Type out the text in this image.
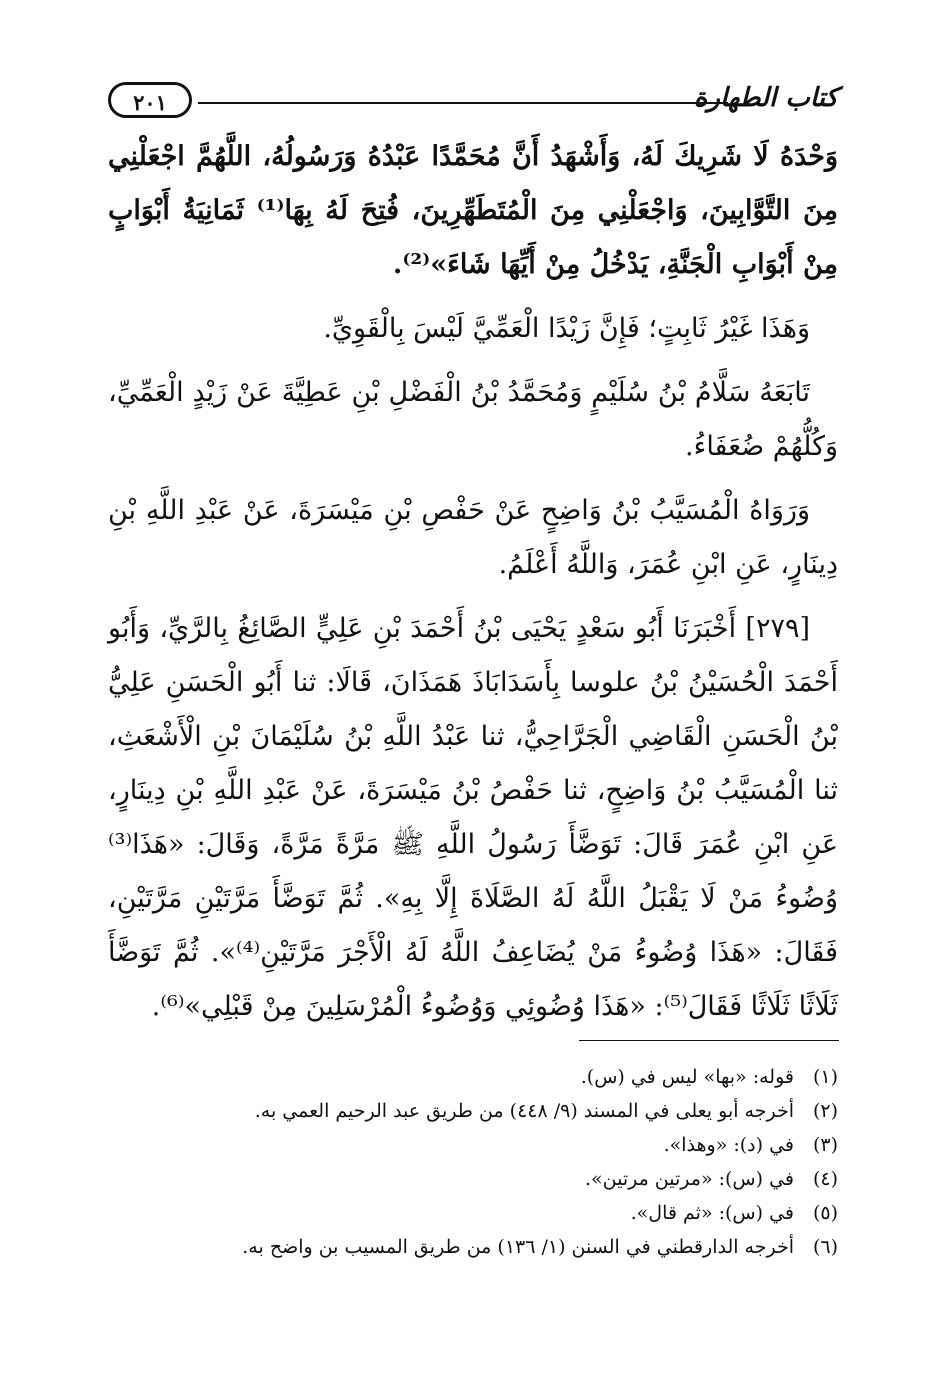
كتاب الطهارة
٢٠١

وَحْدَهُ لَا شَرِيكَ لَهُ، وَأَشْهَدُ أَنَّ مُحَمَّدًا عَبْدُهُ وَرَسُولُهُ، اللَّهُمَّ اجْعَلْنِي مِنَ التَّوَّابِينَ، وَاجْعَلْنِي مِنَ الْمُتَطَهِّرِينَ، فُتِحَ لَهُ بِهَا⁽¹⁾ ثَمَانِيَةُ أَبْوَابٍ مِنْ أَبْوَابِ الْجَنَّةِ، يَدْخُلُ مِنْ أَيِّهَا شَاءَ»⁽²⁾.

وَهَذَا غَيْرُ ثَابِتٍ؛ فَإِنَّ زَيْدًا الْعَمِّيَّ لَيْسَ بِالْقَوِيِّ.

تَابَعَهُ سَلَّامُ بْنُ سُلَيْمٍ وَمُحَمَّدُ بْنُ الْفَضْلِ بْنِ عَطِيَّةَ عَنْ زَيْدٍ الْعَمِّيِّ، وَكُلُّهُمْ ضُعَفَاءُ.

وَرَوَاهُ الْمُسَيَّبُ بْنُ وَاضِحٍ عَنْ حَفْصِ بْنِ مَيْسَرَةَ، عَنْ عَبْدِ اللَّهِ بْنِ دِينَارٍ، عَنِ ابْنِ عُمَرَ، وَاللَّهُ أَعْلَمُ.

[٢٧٩] أَخْبَرَنَا أَبُو سَعْدٍ يَحْيَى بْنُ أَحْمَدَ بْنِ عَلِيٍّ الصَّائِغُ بِالرَّيِّ، وَأَبُو أَحْمَدَ الْحُسَيْنُ بْنُ علوسا بِأَسَدَابَاذَ هَمَذَانَ، قَالَا: ثنا أَبُو الْحَسَنِ عَلِيُّ بْنُ الْحَسَنِ الْقَاضِي الْجَرَّاحِيُّ، ثنا عَبْدُ اللَّهِ بْنُ سُلَيْمَانَ بْنِ الْأَشْعَثِ، ثنا الْمُسَيَّبُ بْنُ وَاضِحٍ، ثنا حَفْصُ بْنُ مَيْسَرَةَ، عَنْ عَبْدِ اللَّهِ بْنِ دِينَارٍ، عَنِ ابْنِ عُمَرَ قَالَ: تَوَضَّأَ رَسُولُ اللَّهِ ﷺ مَرَّةً مَرَّةً، وَقَالَ: «هَذَا⁽³⁾ وُضُوءُ مَنْ لَا يَقْبَلُ اللَّهُ لَهُ الصَّلَاةَ إِلَّا بِهِ». ثُمَّ تَوَضَّأَ مَرَّتَيْنِ مَرَّتَيْنِ، فَقَالَ: «هَذَا وُضُوءُ مَنْ يُضَاعِفُ اللَّهُ لَهُ الْأَجْرَ مَرَّتَيْنِ⁽⁴⁾». ثُمَّ تَوَضَّأَ ثَلَاثًا ثَلَاثًا فَقَالَ⁽⁵⁾: «هَذَا وُضُوئِي وَوُضُوءُ الْمُرْسَلِينَ مِنْ قَبْلِي»⁽⁶⁾.

(١)قوله: «بها» ليس في (س).
(٢)أخرجه أبو يعلى في المسند (٩/ ٤٤٨) من طريق عبد الرحيم العمي به.
(٣)في (د): «وهذا».
(٤)في (س): «مرتين مرتين».
(٥)في (س): «ثم قال».
(٦)أخرجه الدارقطني في السنن (١/ ١٣٦) من طريق المسيب بن واضح به.
